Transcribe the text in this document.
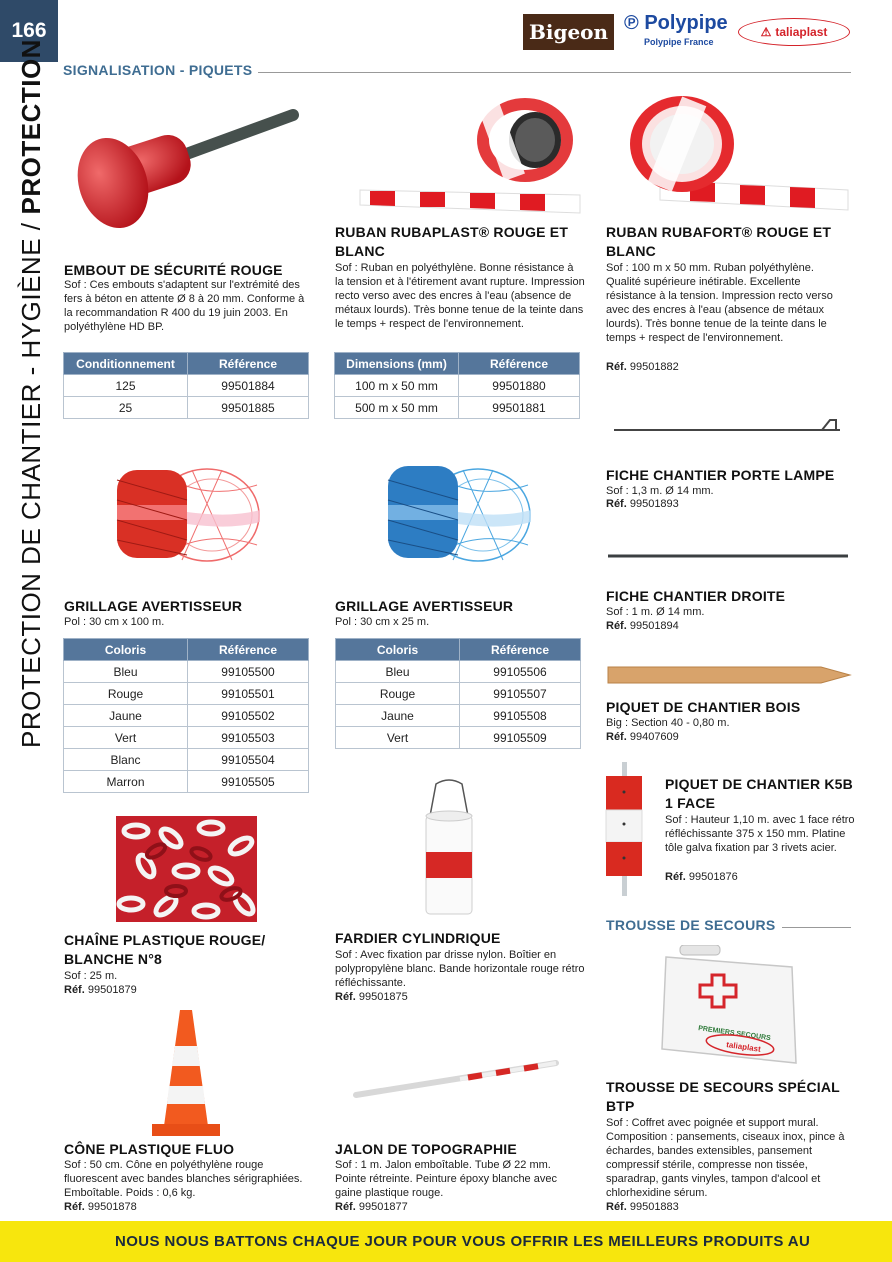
166
PROTECTION DE CHANTIER - HYGIÈNE /
PROTECTION
Bigeon ℗ Polypipe
Polypipe France
⚠ taliaplast
SIGNALISATION - PIQUETS
EMBOUT DE SÉCURITÉ ROUGE
Sof : Ces embouts s'adaptent sur l'extrémité des fers à béton en attente Ø 8 à 20 mm. Conforme à la recommandation R 400 du 19 juin 2003. En polyéthylène HD BP.
Conditionnement	Référence
125	99501884
25	99501885
RUBAN RUBAPLAST® ROUGE ET BLANC
Sof : Ruban en polyéthylène. Bonne résistance à la tension et à l'étirement avant rupture. Impression recto verso avec des encres à l'eau (absence de métaux lourds). Très bonne tenue de la teinte dans le temps + respect de l'environnement.
Dimensions (mm)	Référence
100 m x 50 mm	99501880
500 m x 50 mm	99501881
RUBAN RUBAFORT® ROUGE ET BLANC
Sof : 100 m x 50 mm. Ruban polyéthylène. Qualité supérieure inétirable. Excellente résistance à la tension. Impression recto verso avec des encres à l'eau (absence de métaux lourds). Très bonne tenue de la teinte dans le temps + respect de l'environnement.
Réf. 99501882
FICHE CHANTIER PORTE LAMPE
Sof : 1,3 m. Ø 14 mm.
Réf. 99501893
GRILLAGE AVERTISSEUR
Pol : 30 cm x 100 m.
Coloris	Référence
Bleu	99105500
Rouge	99105501
Jaune	99105502
Vert	99105503
Blanc	99105504
Marron	99105505
GRILLAGE AVERTISSEUR
Pol : 30 cm x 25 m.
Coloris	Référence
Bleu	99105506
Rouge	99105507
Jaune	99105508
Vert	99105509
FICHE CHANTIER DROITE
Sof : 1 m. Ø 14 mm.
Réf. 99501894
PIQUET DE CHANTIER BOIS
Big : Section 40 - 0,80 m.
Réf. 99407609
PIQUET DE CHANTIER K5B 1 FACE
Sof : Hauteur 1,10 m. avec 1 face rétro réfléchissante 375 x 150 mm. Platine tôle galva fixation par 3 rivets acier.
Réf. 99501876
CHAÎNE PLASTIQUE ROUGE/ BLANCHE N°8
Sof : 25 m.
Réf. 99501879
FARDIER CYLINDRIQUE
Sof : Avec fixation par drisse nylon. Boîtier en polypropylène blanc. Bande horizontale rouge rétro réfléchissante.
Réf. 99501875
TROUSSE DE SECOURS
PREMIERS SECOURS
taliaplast
TROUSSE DE SECOURS SPÉCIAL BTP
Sof : Coffret avec poignée et support mural. Composition : pansements, ciseaux inox, pince à échardes, bandes extensibles, pansement compressif stérile, compresse non tissée, sparadrap, gants vinyles, tampon d'alcool et chlorhexidine sérum.
Réf. 99501883
CÔNE PLASTIQUE FLUO
Sof : 50 cm. Cône en polyéthylène rouge fluorescent avec bandes blanches sérigraphiées. Emboîtable. Poids : 0,6 kg.
Réf. 99501878
JALON DE TOPOGRAPHIE
Sof : 1 m. Jalon emboîtable. Tube Ø 22 mm. Pointe rétreinte. Peinture époxy blanche avec gaine plastique rouge.
Réf. 99501877
NOUS NOUS BATTONS CHAQUE JOUR POUR VOUS OFFRIR LES MEILLEURS PRODUITS AU
